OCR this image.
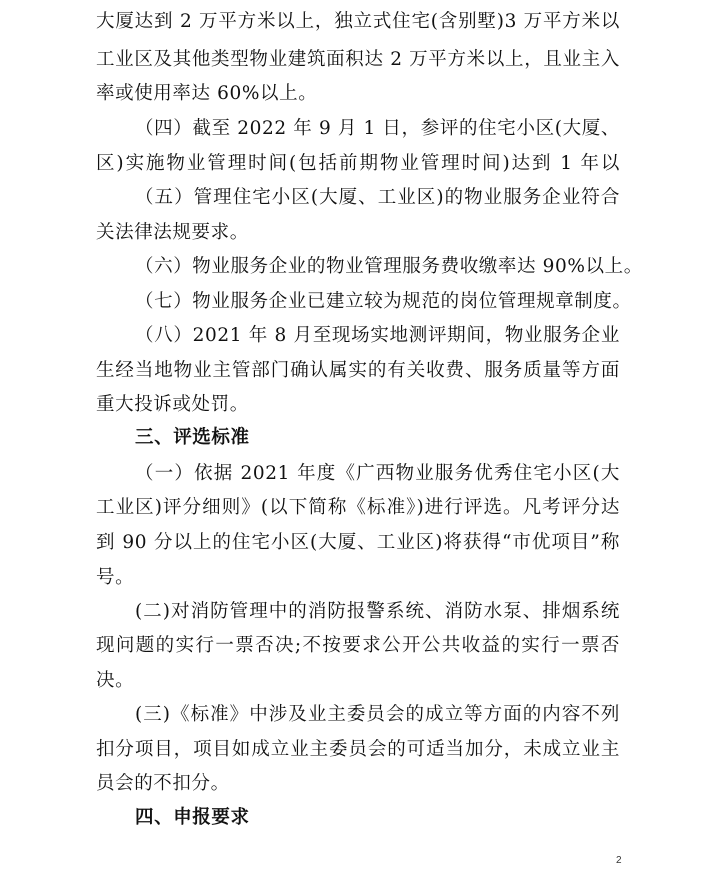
大厦达到 2 万平方米以上，独立式住宅(含别墅)3 万平方米以
工业区及其他类型物业建筑面积达 2 万平方米以上，且业主入
率或使用率达 60%以上。
（四）截至 2022 年 9 月 1 日，参评的住宅小区(大厦、
区)实施物业管理时间(包括前期物业管理时间)达到 1 年以
（五）管理住宅小区(大厦、工业区)的物业服务企业符合
关法律法规要求。
（六）物业服务企业的物业管理服务费收缴率达 90%以上。
（七）物业服务企业已建立较为规范的岗位管理规章制度。
（八）2021 年 8 月至现场实地测评期间，物业服务企业
生经当地物业主管部门确认属实的有关收费、服务质量等方面
重大投诉或处罚。
三、评选标准
（一）依据 2021 年度《广西物业服务优秀住宅小区(大
工业区)评分细则》(以下简称《标准》)进行评选。凡考评分达
到 90 分以上的住宅小区(大厦、工业区)将获得“市优项目”称
号。
(二)对消防管理中的消防报警系统、消防水泵、排烟系统
现问题的实行一票否决;不按要求公开公共收益的实行一票否
决。
(三)《标准》中涉及业主委员会的成立等方面的内容不列
扣分项目，项目如成立业主委员会的可适当加分，未成立业主
员会的不扣分。
四、申报要求
2
